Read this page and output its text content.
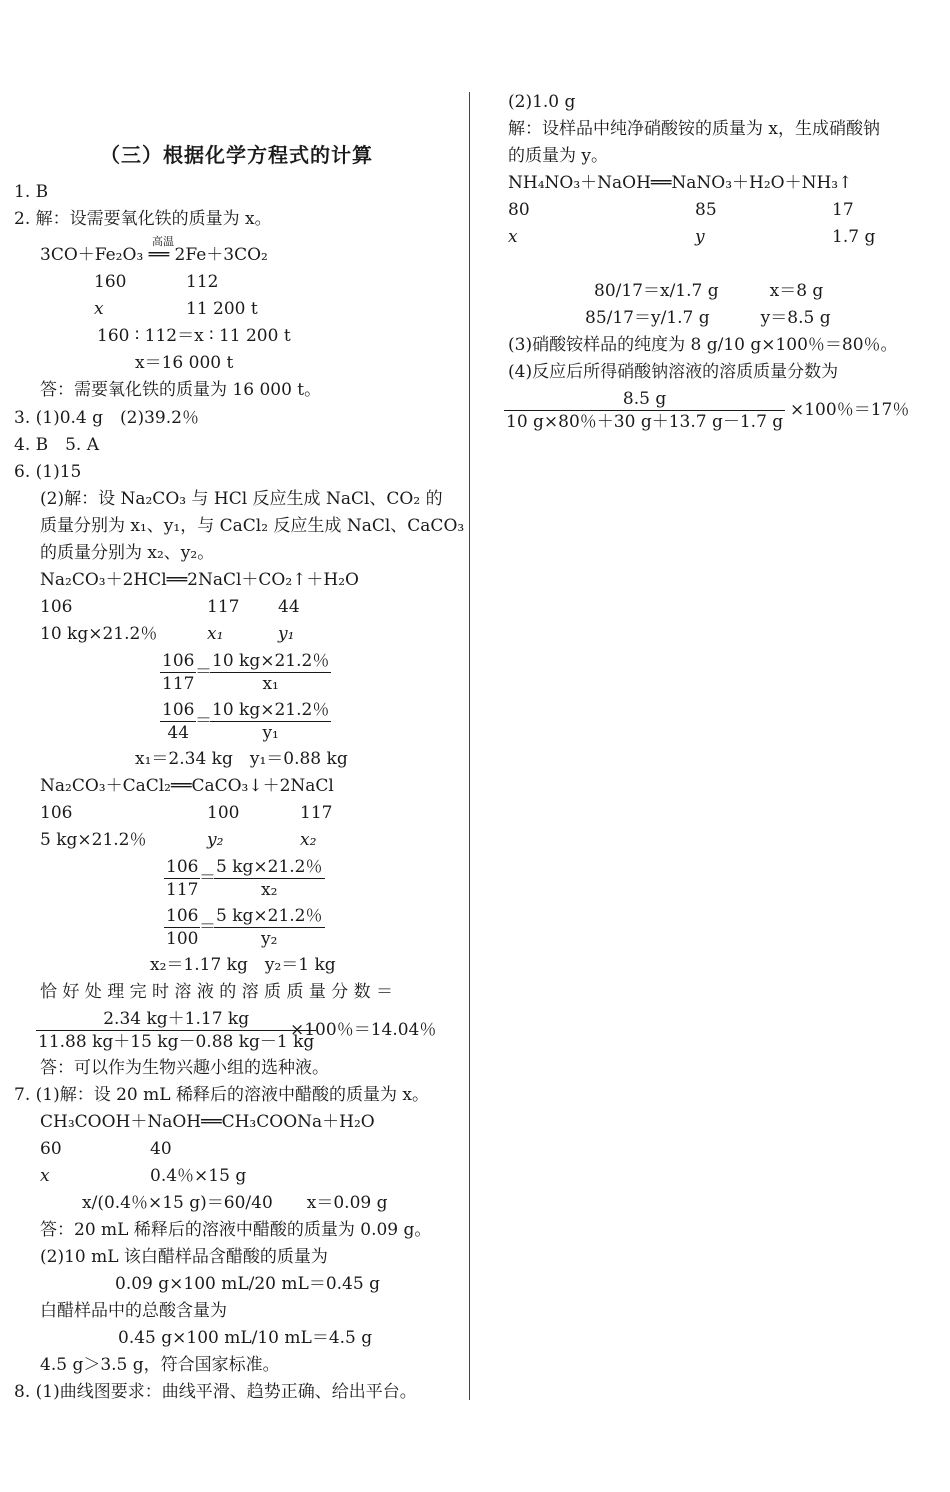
（三）根据化学方程式的计算
1. B
2. 解：设需要氧化铁的质量为 x。
高温
3CO＋Fe₂O₃ ══ 2Fe＋3CO₂
160	112
x	11 200 t
160 ∶ 112＝x ∶ 11 200 t
x＝16 000 t
答：需要氧化铁的质量为 16 000 t。
3. (1)0.4 g　(2)39.2％
4. B　5. A
6. (1)15
(2)解：设 Na₂CO₃ 与 HCl 反应生成 NaCl、CO₂ 的
质量分别为 x₁、y₁，与 CaCl₂ 反应生成 NaCl、CaCO₃
的质量分别为 x₂、y₂。
Na₂CO₃＋2HCl══2NaCl＋CO₂↑＋H₂O
106	117 44
10 kg×21.2％	x₁	y₁
$\frac{106}{117}$
＝
$\frac{10 kg\times 21.2\%}{\text{x₁}}$
$\frac{106}{44}$
＝
$\frac{10 kg\times 21.2\%}{\text{y₁}}$
x₁＝2.34 kg　y₁＝0.88 kg
Na₂CO₃＋CaCl₂══CaCO₃↓＋2NaCl
106	100	117
5 kg×21.2％	y₂	x₂
$\frac{106}{117}$
＝
$\frac{5 kg\times 21.2\%}{\text{x₂}}$
$\frac{106}{100}$
＝
$\frac{5 kg\times 21.2\%}{\text{y₂}}$
x₂＝1.17 kg　y₂＝1 kg
恰 好 处 理 完 时 溶 液 的 溶 质 质 量 分 数 ＝
$\frac{2.34 kg+1.17 kg}{11.88 kg+15 kg-0.88 kg-1 kg}$
×100％＝14.04％
答：可以作为生物兴趣小组的选种液。
7. (1)解：设 20 mL 稀释后的溶液中醋酸的质量为 x。
CH₃COOH＋NaOH══CH₃COONa＋H₂O
60	40
x	0.4％×15 g
x/(0.4％×15 g)＝60/40　　x＝0.09 g
答：20 mL 稀释后的溶液中醋酸的质量为 0.09 g。
(2)10 mL 该白醋样品含醋酸的质量为
0.09 g×100 mL/20 mL＝0.45 g
白醋样品中的总酸含量为
0.45 g×100 mL/10 mL＝4.5 g
4.5 g＞3.5 g，符合国家标准。
8. (1)曲线图要求：曲线平滑、趋势正确、给出平台。
(2)1.0 g
解：设样品中纯净硝酸铵的质量为 x，生成硝酸钠
的质量为 y。
NH₄NO₃＋NaOH══NaNO₃＋H₂O＋NH₃↑
80	85	17
x	y	1.7 g
80/17＝x/1.7 g　　　x＝8 g
85/17＝y/1.7 g　　　y＝8.5 g
(3)硝酸铵样品的纯度为 8 g/10 g×100％＝80％。
(4)反应后所得硝酸钠溶液的溶质质量分数为
$\frac{8.5 g}{10 g\times 80\%+30 g+13.7 g-1.7 g} \times 100$％＝17％
